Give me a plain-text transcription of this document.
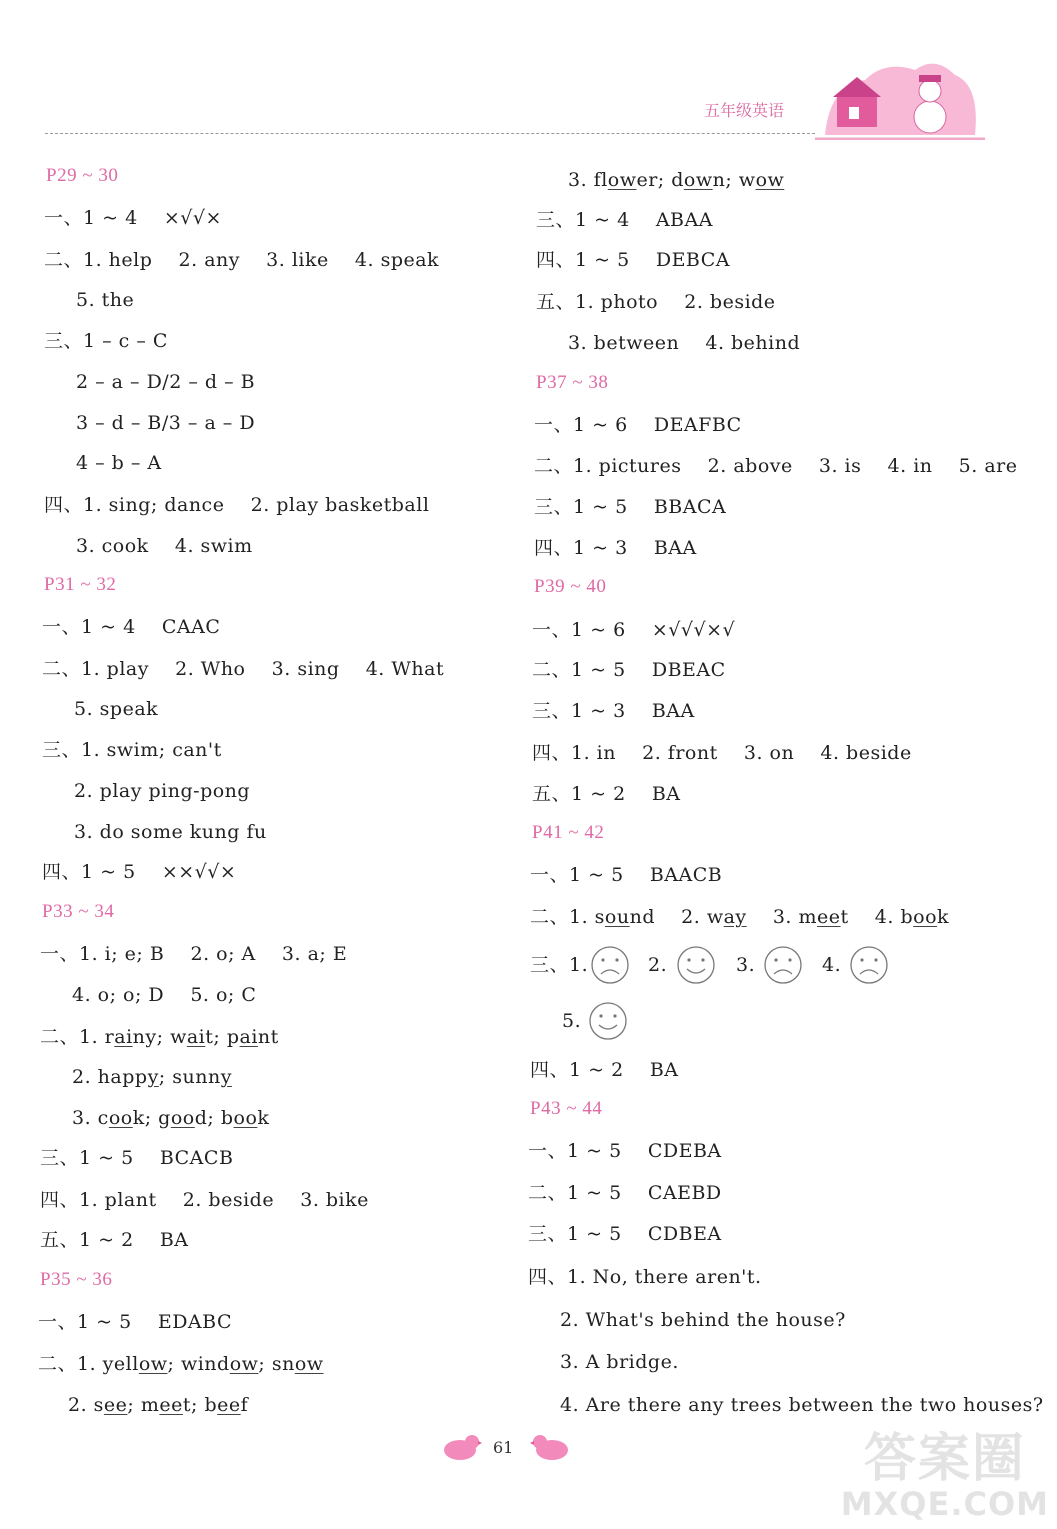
五年级英语
61	答案圈
MXQE.COM
P29 ~ 30
一、1 ~ 4    ×√√×
二、1. help    2. any    3. like    4. speak
5. the
三、1 – c – C
2 – a – D/2 – d – B
3 – d – B/3 – a – D
4 – b – A
四、1. sing; dance    2. play basketball
3. cook    4. swim
P31 ~ 32
一、1 ~ 4    CAAC
二、1. play    2. Who    3. sing    4. What
5. speak
三、1. swim; can't
2. play ping-pong
3. do some kung fu
四、1 ~ 5    ××√√×
P33 ~ 34
一、1. i; e; B    2. o; A    3. a; E
4. o; o; D    5. o; C
二、1. rainy; wait; paint
2. happy; sunny
3. cook; good; book
三、1 ~ 5    BCACB
四、1. plant    2. beside    3. bike
五、1 ~ 2    BA
P35 ~ 36
一、1 ~ 5    EDABC
二、1. yellow; window; snow
2. see; meet; beef
3. flower; down; wow
三、1 ~ 4    ABAA
四、1 ~ 5    DEBCA
五、1. photo    2. beside
3. between    4. behind
P37 ~ 38
一、1 ~ 6    DEAFBC
二、1. pictures    2. above    3. is    4. in    5. are
三、1 ~ 5    BBACA
四、1 ~ 3    BAA
P39 ~ 40
一、1 ~ 6    ×√√√×√
二、1 ~ 5    DBEAC
三、1 ~ 3    BAA
四、1. in    2. front    3. on    4. beside
五、1 ~ 2    BA
P41 ~ 42
一、1 ~ 5    BAACB
二、1. sound    2. way    3. meet    4. book
三、1.	2.	3.	4.
5.
四、1 ~ 2    BA
P43 ~ 44
一、1 ~ 5    CDEBA
二、1 ~ 5    CAEBD
三、1 ~ 5    CDBEA
四、1. No, there aren't.
2. What's behind the house?
3. A bridge.
4. Are there any trees between the two houses?
